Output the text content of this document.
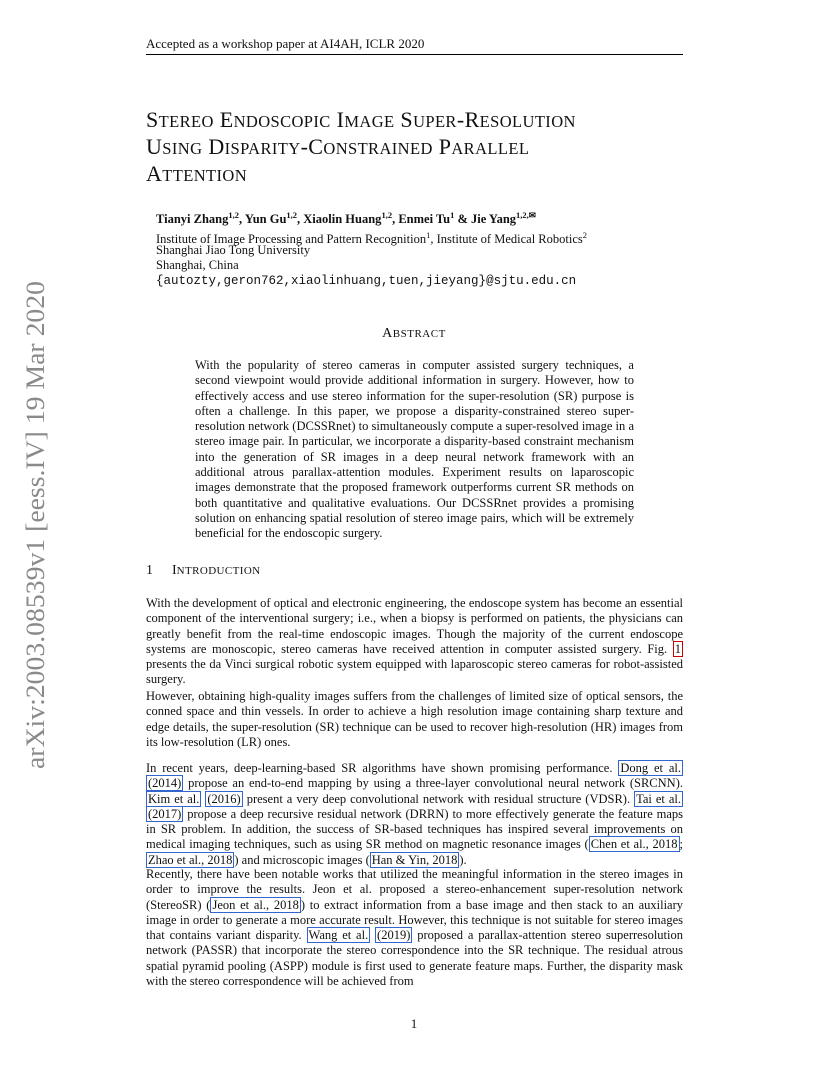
arXiv:2003.08539v1 [eess.IV] 19 Mar 2020
Accepted as a workshop paper at AI4AH, ICLR 2020
STEREO ENDOSCOPIC IMAGE SUPER-RESOLUTION
USING DISPARITY-CONSTRAINED PARALLEL
ATTENTION
Tianyi Zhang$^{1,2}$, Yun Gu$^{1,2}$, Xiaolin Huang$^{1,2}$, Enmei Tu$^1$ & Jie Yang$^{1,2,✉}$
Institute of Image Processing and Pattern Recognition$^1$, Institute of Medical Robotics$^2$
Shanghai Jiao Tong University
Shanghai, China
{autozty,geron762,xiaolinhuang,tuen,jieyang}@sjtu.edu.cn
ABSTRACT
With the popularity of stereo cameras in computer assisted surgery techniques, a second viewpoint would provide additional information in surgery. However, how to effectively access and use stereo information for the super-resolution (SR) purpose is often a challenge. In this paper, we propose a disparity-constrained stereo super-resolution network (DCSSRnet) to simultaneously compute a super-resolved image in a stereo image pair. In particular, we incorporate a disparity-based constraint mechanism into the generation of SR images in a deep neural network framework with an additional atrous parallax-attention modules. Experiment results on laparoscopic images demonstrate that the proposed framework outperforms current SR methods on both quantitative and qualitative evaluations. Our DCSSRnet provides a promising solution on enhancing spatial resolution of stereo image pairs, which will be extremely beneficial for the endoscopic surgery.
1 INTRODUCTION
With the development of optical and electronic engineering, the endoscope system has become an essential component of the interventional surgery; i.e., when a biopsy is performed on patients, the physicians can greatly benefit from the real-time endoscopic images. Though the majority of the current endoscope systems are monoscopic, stereo cameras have received attention in computer assisted surgery. Fig. 1 presents the da Vinci surgical robotic system equipped with laparoscopic stereo cameras for robot-assisted surgery.
However, obtaining high-quality images suffers from the challenges of limited size of optical sensors, the conned space and thin vessels. In order to achieve a high resolution image containing sharp texture and edge details, the super-resolution (SR) technique can be used to recover high-resolution (HR) images from its low-resolution (LR) ones.
In recent years, deep-learning-based SR algorithms have shown promising performance. Dong et al. (2014) propose an end-to-end mapping by using a three-layer convolutional neural network (SRCNN). Kim et al. (2016) present a very deep convolutional network with residual structure (VDSR). Tai et al. (2017) propose a deep recursive residual network (DRRN) to more effectively generate the feature maps in SR problem. In addition, the success of SR-based techniques has inspired several improvements on medical imaging techniques, such as using SR method on magnetic resonance images ( Chen et al., 2018 ; Zhao et al., 2018 ) and microscopic images ( Han & Yin, 2018 ).
Recently, there have been notable works that utilized the meaningful information in the stereo images in order to improve the results. Jeon et al. proposed a stereo-enhancement super-resolution network (StereoSR) ( Jeon et al., 2018 ) to extract information from a base image and then stack to an auxiliary image in order to generate a more accurate result. However, this technique is not suitable for stereo images that contains variant disparity. Wang et al. (2019) proposed a parallax-attention stereo superresolution network (PASSR) that incorporate the stereo correspondence into the SR technique. The residual atrous spatial pyramid pooling (ASPP) module is first used to generate feature maps. Further, the disparity mask with the stereo correspondence will be achieved from
1
